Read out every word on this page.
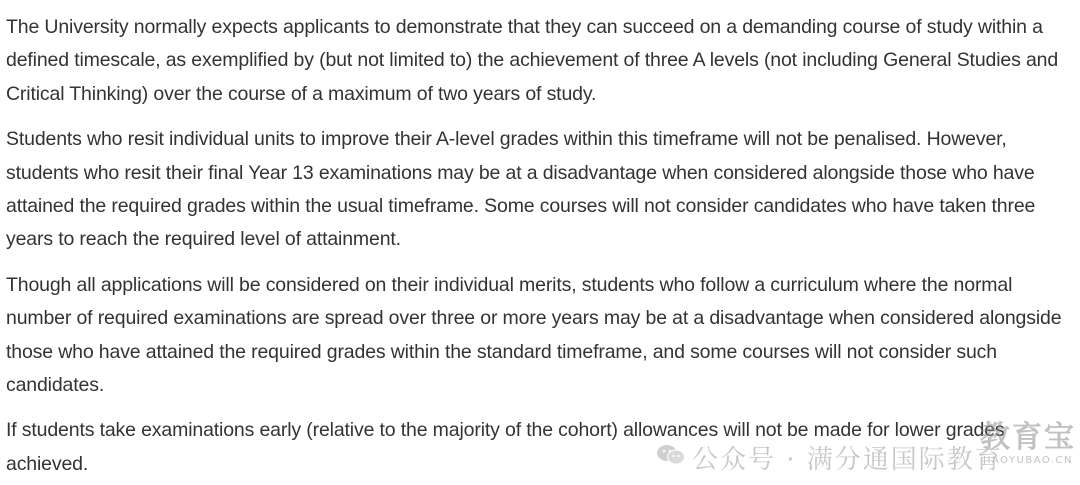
The University normally expects applicants to demonstrate that they can succeed on a demanding course of study within a defined timescale, as exemplified by (but not limited to) the achievement of three A levels (not including General Studies and Critical Thinking) over the course of a maximum of two years of study.

Students who resit individual units to improve their A-level grades within this timeframe will not be penalised. However, students who resit their final Year 13 examinations may be at a disadvantage when considered alongside those who have attained the required grades within the usual timeframe. Some courses will not consider candidates who have taken three years to reach the required level of attainment.

Though all applications will be considered on their individual merits, students who follow a curriculum where the normal number of required examinations are spread over three or more years may be at a disadvantage when considered alongside those who have attained the required grades within the standard timeframe, and some courses will not consider such candidates.

If students take examinations early (relative to the majority of the cohort) allowances will not be made for lower grades achieved.	公众号 · 满分通国际教育
教育宝
JIAOYUBAO.CN
